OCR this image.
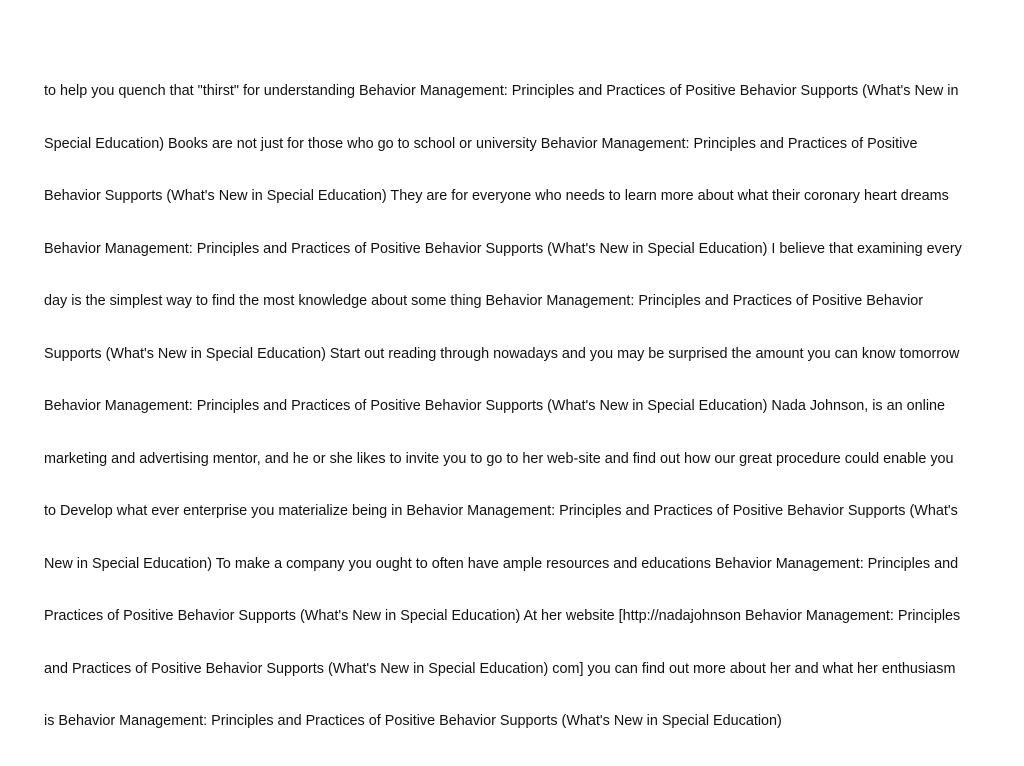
to help you quench that "thirst" for understanding Behavior Management: Principles and Practices of Positive Behavior Supports (What's New in

Special Education) Books are not just for those who go to school or university Behavior Management: Principles and Practices of Positive

Behavior Supports (What's New in Special Education) They are for everyone who needs to learn more about what their coronary heart dreams

Behavior Management: Principles and Practices of Positive Behavior Supports (What's New in Special Education) I believe that examining every

day is the simplest way to find the most knowledge about some thing Behavior Management: Principles and Practices of Positive Behavior

Supports (What's New in Special Education) Start out reading through nowadays and you may be surprised the amount you can know tomorrow

Behavior Management: Principles and Practices of Positive Behavior Supports (What's New in Special Education) Nada Johnson, is an online

marketing and advertising mentor, and he or she likes to invite you to go to her web-site and find out how our great procedure could enable you

to Develop what ever enterprise you materialize being in Behavior Management: Principles and Practices of Positive Behavior Supports (What's

New in Special Education) To make a company you ought to often have ample resources and educations Behavior Management: Principles and

Practices of Positive Behavior Supports (What's New in Special Education) At her website [http://nadajohnson Behavior Management: Principles

and Practices of Positive Behavior Supports (What's New in Special Education) com] you can find out more about her and what her enthusiasm

is Behavior Management: Principles and Practices of Positive Behavior Supports (What's New in Special Education)
